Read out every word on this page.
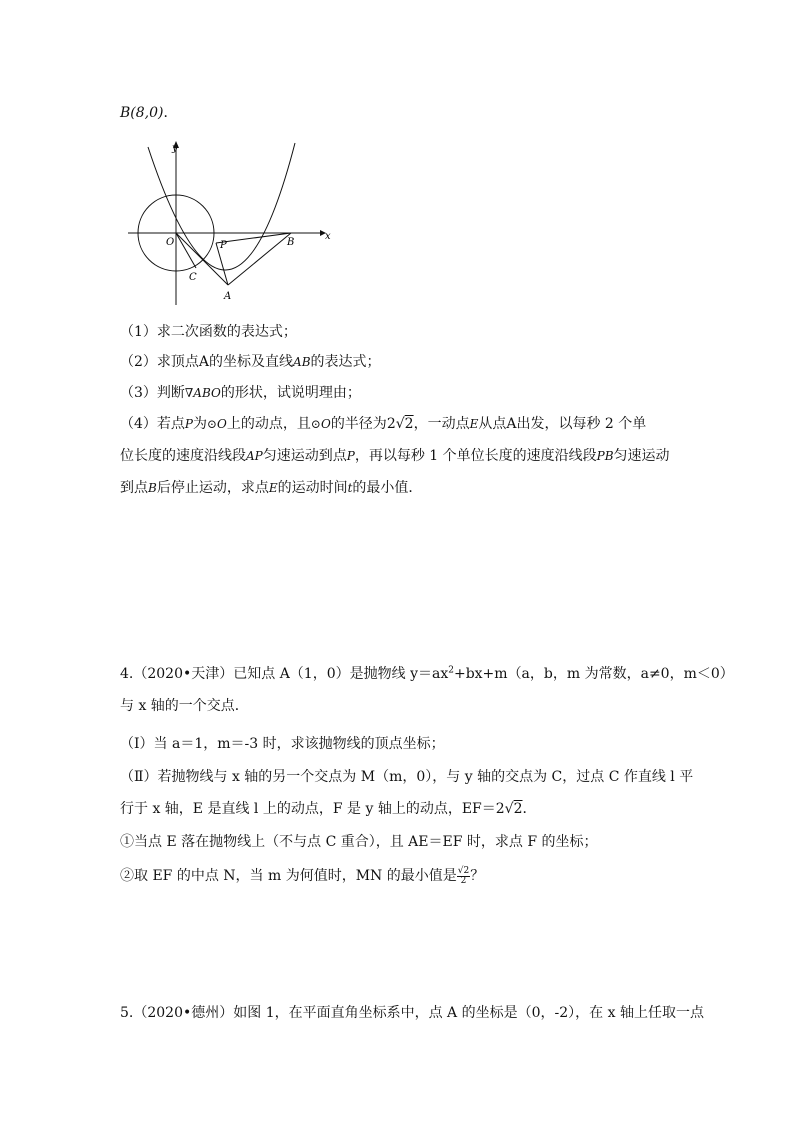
B(8,0)．
x
y
O	P	B
C
A
（1）求二次函数的表达式；
（2）求顶点A的坐标及直线AB的表达式；
（3）判断∇ABO的形状，试说明理由；
（4）若点P为⊙O上的动点，且⊙O的半径为2√2，一动点E从点A出发，以每秒 2 个单
位长度的速度沿线段AP匀速运动到点P，再以每秒 1 个单位长度的速度沿线段PB匀速运动
到点B后停止运动，求点E的运动时间t的最小值．
4.（2020•天津）已知点 A（1，0）是抛物线 $y=ax^2+bx+m(a$，b，m 为常数，a≠0，m＜0）
与 x 轴的一个交点．
（Ⅰ）当 a＝1，m＝-3 时，求该抛物线的顶点坐标；
（Ⅱ）若抛物线与 x 轴的另一个交点为 M（m，0），与 y 轴的交点为 C，过点 C 作直线 l 平
行于 x 轴，E 是直线 l 上的动点，F 是 y 轴上的动点，EF＝2√2．
①当点 E 落在抛物线上（不与点 C 重合），且 AE＝EF 时，求点 F 的坐标；
②取 EF 的中点 N，当 m 为何值时，MN 的最小值是 $\frac{√2}{2}$ ？
5.（2020•德州）如图 1，在平面直角坐标系中，点 A 的坐标是（0，-2），在 x 轴上任取一点
